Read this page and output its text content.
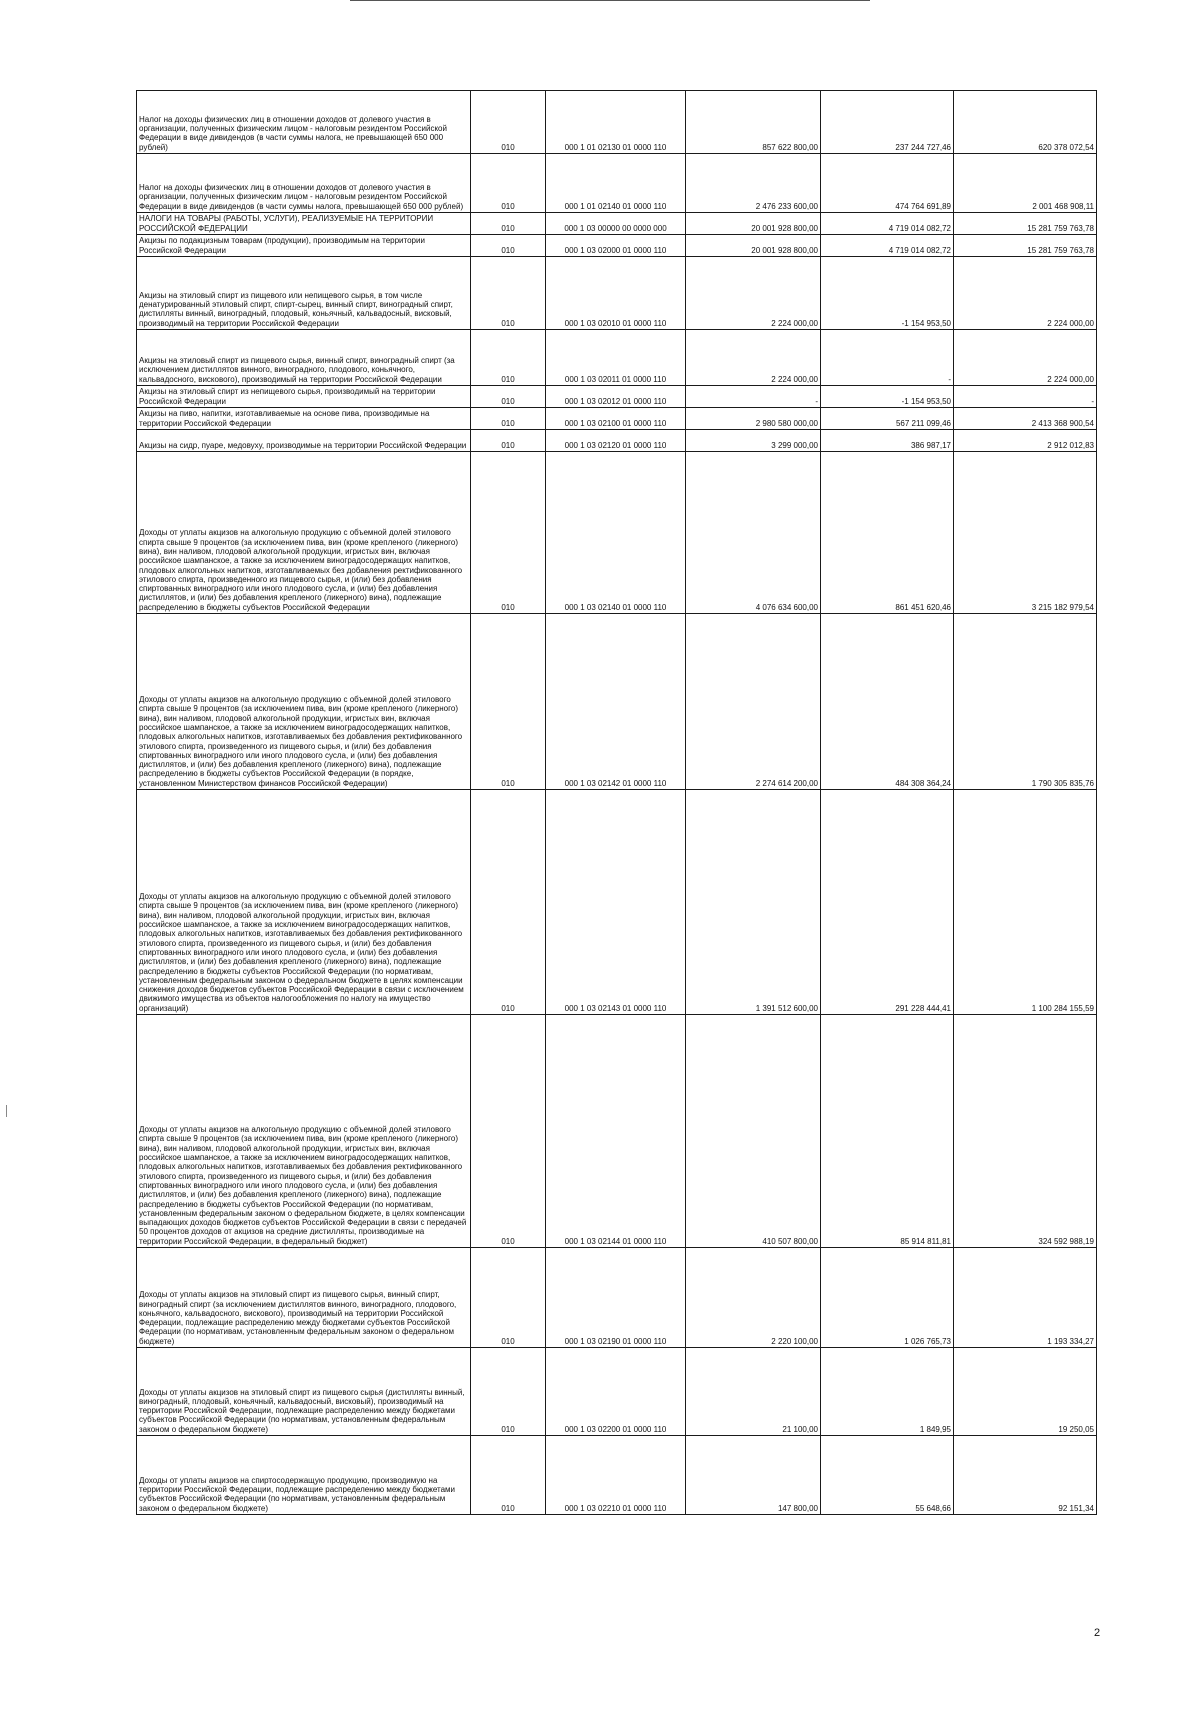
Налог на доходы физических лиц в отношении доходов от долевого участия в организации, полученных физическим лицом - налоговым резидентом Российской Федерации в виде дивидендов (в части суммы налога, не превышающей 650 000 рублей)	010	000 1 01 02130 01 0000 110	857 622 800,00	237 244 727,46	620 378 072,54
Налог на доходы физических лиц в отношении доходов от долевого участия в организации, полученных физическим лицом - налоговым резидентом Российской Федерации в виде дивидендов (в части суммы налога, превышающей 650 000 рублей)	010	000 1 01 02140 01 0000 110	2 476 233 600,00	474 764 691,89	2 001 468 908,11
НАЛОГИ НА ТОВАРЫ (РАБОТЫ, УСЛУГИ), РЕАЛИЗУЕМЫЕ НА ТЕРРИТОРИИ РОССИЙСКОЙ ФЕДЕРАЦИИ	010	000 1 03 00000 00 0000 000	20 001 928 800,00	4 719 014 082,72	15 281 759 763,78
Акцизы по подакцизным товарам (продукции), производимым на территории Российской Федерации	010	000 1 03 02000 01 0000 110	20 001 928 800,00	4 719 014 082,72	15 281 759 763,78
Акцизы на этиловый спирт из пищевого или непищевого сырья, в том числе денатурированный этиловый спирт, спирт-сырец, винный спирт, виноградный спирт, дистилляты винный, виноградный, плодовый, коньячный, кальвадосный, висковый, производимый на территории Российской Федерации	010	000 1 03 02010 01 0000 110	2 224 000,00	-1 154 953,50	2 224 000,00
Акцизы на этиловый спирт из пищевого сырья, винный спирт, виноградный спирт (за исключением дистиллятов винного, виноградного, плодового, коньячного, кальвадосного, вискового), производимый на территории Российской Федерации	010	000 1 03 02011 01 0000 110	2 224 000,00	-	2 224 000,00
Акцизы на этиловый спирт из непищевого сырья, производимый на территории Российской Федерации	010	000 1 03 02012 01 0000 110	-	-1 154 953,50	-
Акцизы на пиво, напитки, изготавливаемые на основе пива, производимые на территории Российской Федерации	010	000 1 03 02100 01 0000 110	2 980 580 000,00	567 211 099,46	2 413 368 900,54
Акцизы на сидр, пуаре, медовуху, производимые на территории Российской Федерации	010	000 1 03 02120 01 0000 110	3 299 000,00	386 987,17	2 912 012,83
Доходы от уплаты акцизов на алкогольную продукцию с объемной долей этилового спирта свыше 9 процентов (за исключением пива, вин (кроме крепленого (ликерного) вина), вин наливом, плодовой алкогольной продукции, игристых вин, включая российское шампанское, а также за исключением виноградосодержащих напитков, плодовых алкогольных напитков, изготавливаемых без добавления ректификованного этилового спирта, произведенного из пищевого сырья, и (или) без добавления спиртованных виноградного или иного плодового сусла, и (или) без добавления дистиллятов, и (или) без добавления крепленого (ликерного) вина), подлежащие распределению в бюджеты субъектов Российской Федерации	010	000 1 03 02140 01 0000 110	4 076 634 600,00	861 451 620,46	3 215 182 979,54
Доходы от уплаты акцизов на алкогольную продукцию с объемной долей этилового спирта свыше 9 процентов (за исключением пива, вин (кроме крепленого (ликерного) вина), вин наливом, плодовой алкогольной продукции, игристых вин, включая российское шампанское, а также за исключением виноградосодержащих напитков, плодовых алкогольных напитков, изготавливаемых без добавления ректификованного этилового спирта, произведенного из пищевого сырья, и (или) без добавления спиртованных виноградного или иного плодового сусла, и (или) без добавления дистиллятов, и (или) без добавления крепленого (ликерного) вина), подлежащие распределению в бюджеты субъектов Российской Федерации (в порядке, установленном Министерством финансов Российской Федерации)	010	000 1 03 02142 01 0000 110	2 274 614 200,00	484 308 364,24	1 790 305 835,76
Доходы от уплаты акцизов на алкогольную продукцию с объемной долей этилового спирта свыше 9 процентов (за исключением пива, вин (кроме крепленого (ликерного) вина), вин наливом, плодовой алкогольной продукции, игристых вин, включая российское шампанское, а также за исключением виноградосодержащих напитков, плодовых алкогольных напитков, изготавливаемых без добавления ректификованного этилового спирта, произведенного из пищевого сырья, и (или) без добавления спиртованных виноградного или иного плодового сусла, и (или) без добавления дистиллятов, и (или) без добавления крепленого (ликерного) вина), подлежащие распределению в бюджеты субъектов Российской Федерации (по нормативам, установленным федеральным законом о федеральном бюджете в целях компенсации снижения доходов бюджетов субъектов Российской Федерации в связи с исключением движимого имущества из объектов налогообложения по налогу на имущество организаций)	010	000 1 03 02143 01 0000 110	1 391 512 600,00	291 228 444,41	1 100 284 155,59
Доходы от уплаты акцизов на алкогольную продукцию с объемной долей этилового спирта свыше 9 процентов (за исключением пива, вин (кроме крепленого (ликерного) вина), вин наливом, плодовой алкогольной продукции, игристых вин, включая российское шампанское, а также за исключением виноградосодержащих напитков, плодовых алкогольных напитков, изготавливаемых без добавления ректификованного этилового спирта, произведенного из пищевого сырья, и (или) без добавления спиртованных виноградного или иного плодового сусла, и (или) без добавления дистиллятов, и (или) без добавления крепленого (ликерного) вина), подлежащие распределению в бюджеты субъектов Российской Федерации (по нормативам, установленным федеральным законом о федеральном бюджете, в целях компенсации выпадающих доходов бюджетов субъектов Российской Федерации в связи с передачей 50 процентов доходов от акцизов на средние дистилляты, производимые на территории Российской Федерации, в федеральный бюджет)	010	000 1 03 02144 01 0000 110	410 507 800,00	85 914 811,81	324 592 988,19
Доходы от уплаты акцизов на этиловый спирт из пищевого сырья, винный спирт, виноградный спирт (за исключением дистиллятов винного, виноградного, плодового, коньячного, кальвадосного, вискового), производимый на территории Российской Федерации, подлежащие распределению между бюджетами субъектов Российской Федерации (по нормативам, установленным федеральным законом о федеральном бюджете)	010	000 1 03 02190 01 0000 110	2 220 100,00	1 026 765,73	1 193 334,27
Доходы от уплаты акцизов на этиловый спирт из пищевого сырья (дистилляты винный, виноградный, плодовый, коньячный, кальвадосный, висковый), производимый на территории Российской Федерации, подлежащие распределению между бюджетами субъектов Российской Федерации (по нормативам, установленным федеральным законом о федеральном бюджете)	010	000 1 03 02200 01 0000 110	21 100,00	1 849,95	19 250,05
Доходы от уплаты акцизов на спиртосодержащую продукцию, производимую на территории Российской Федерации, подлежащие распределению между бюджетами субъектов Российской Федерации (по нормативам, установленным федеральным законом о федеральном бюджете)	010	000 1 03 02210 01 0000 110	147 800,00	55 648,66	92 151,34
2
